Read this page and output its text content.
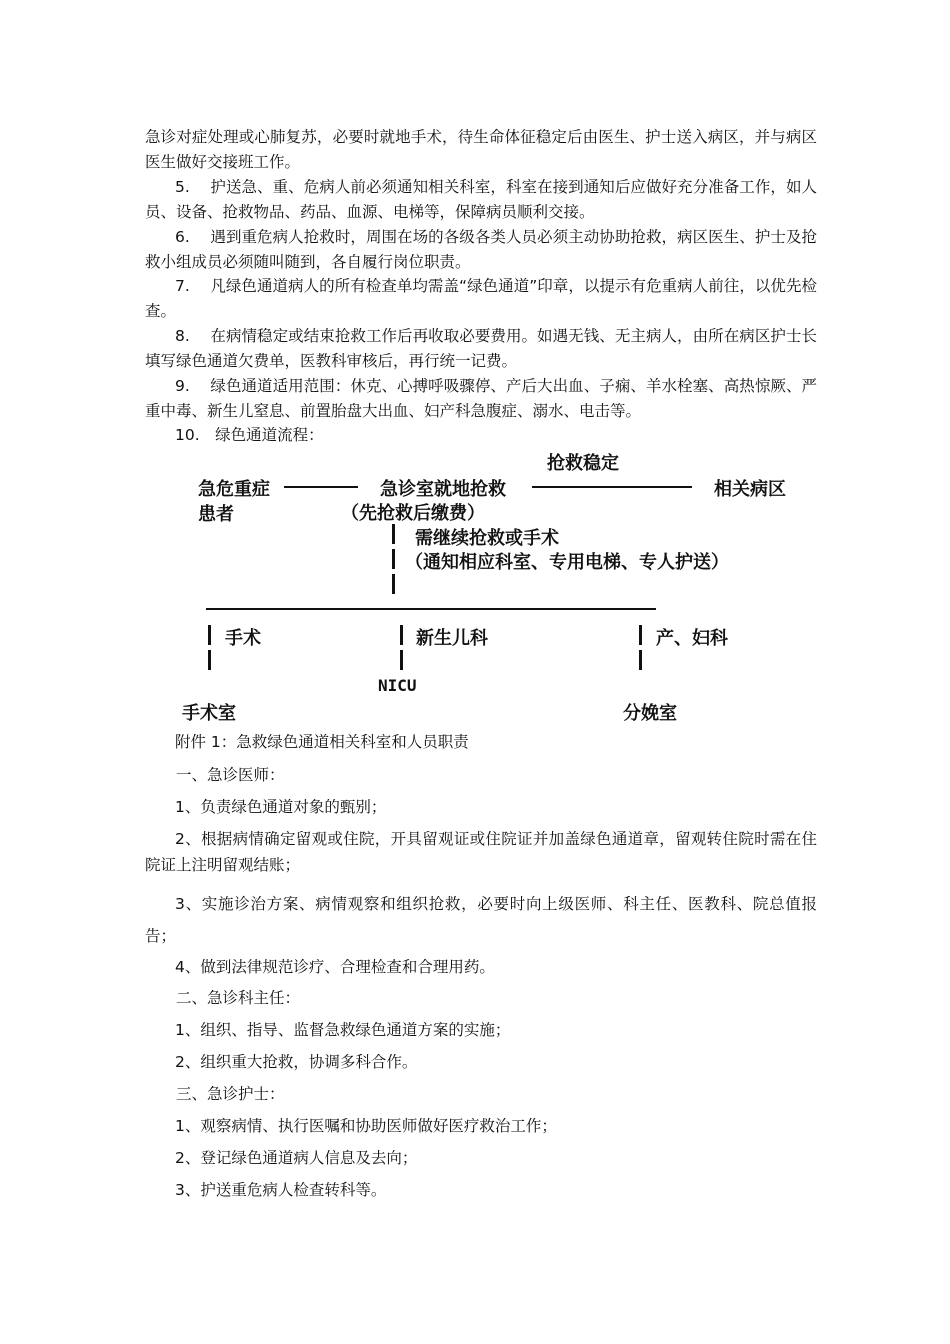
急诊对症处理或心肺复苏，必要时就地手术，待生命体征稳定后由医生、护士送入病区，并与病区医生做好交接班工作。
5.　 护送急、重、危病人前必须通知相关科室，科室在接到通知后应做好充分准备工作，如人员、设备、抢救物品、药品、血源、电梯等，保障病员顺利交接。
6.　 遇到重危病人抢救时，周围在场的各级各类人员必须主动协助抢救，病区医生、护士及抢救小组成员必须随叫随到，各自履行岗位职责。
7.　 凡绿色通道病人的所有检查单均需盖“绿色通道”印章，以提示有危重病人前往，以优先检查。
8.　 在病情稳定或结束抢救工作后再收取必要费用。如遇无钱、无主病人，由所在病区护士长填写绿色通道欠费单，医教科审核后，再行统一记费。
9.　 绿色通道适用范围：休克、心搏呼吸骤停、产后大出血、子痫、羊水栓塞、高热惊厥、严重中毒、新生儿窒息、前置胎盘大出血、妇产科急腹症、溺水、电击等。
10.　绿色通道流程：
抢救稳定
急危重症
患者
急诊室就地抢救
（先抢救后缴费）
相关病区
需继续抢救或手术
（通知相应科室、专用电梯、专人护送）
手术	新生儿科	产、妇科
NICU
手术室	分娩室
附件 1：急救绿色通道相关科室和人员职责
一、急诊医师：
1、负责绿色通道对象的甄别；
2、根据病情确定留观或住院，开具留观证或住院证并加盖绿色通道章，留观转住院时需在住院证上注明留观结账；
3、实施诊治方案、病情观察和组织抢救，必要时向上级医师、科主任、医教科、院总值报告；
4、做到法律规范诊疗、合理检查和合理用药。
二、急诊科主任：
1、组织、指导、监督急救绿色通道方案的实施；
2、组织重大抢救，协调多科合作。
三、急诊护士：
1、观察病情、执行医嘱和协助医师做好医疗救治工作；
2、登记绿色通道病人信息及去向；
3、护送重危病人检查转科等。
